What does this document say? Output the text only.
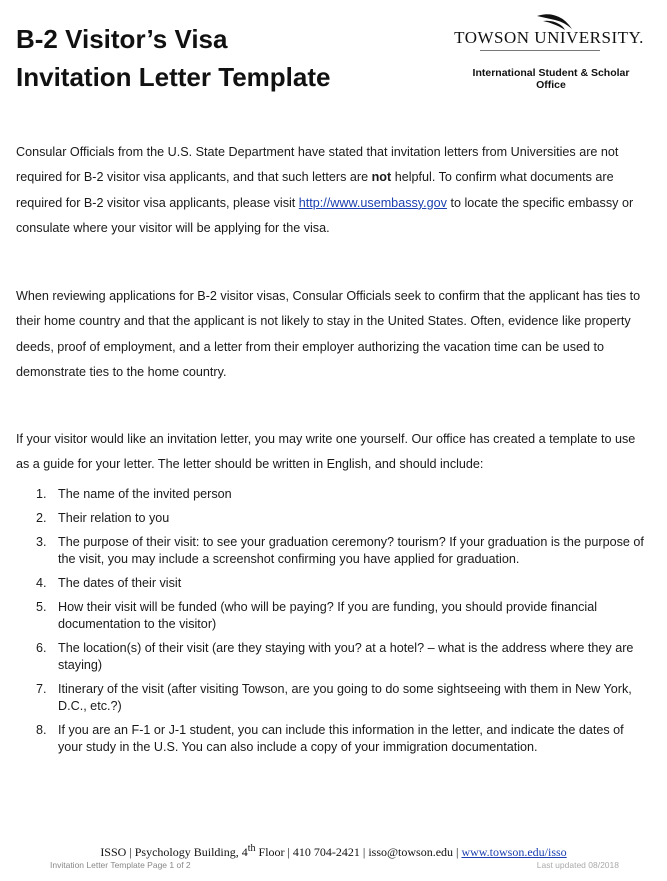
B-2 Visitor’s Visa
Invitation Letter Template
TOWSON UNIVERSITY.
International Student & Scholar Office

Consular Officials from the U.S. State Department have stated that invitation letters from Universities are not required for B-2 visitor visa applicants, and that such letters are not helpful. To confirm what documents are required for B-2 visitor visa applicants, please visit http://www.usembassy.gov to locate the specific embassy or consulate where your visitor will be applying for the visa.

When reviewing applications for B-2 visitor visas, Consular Officials seek to confirm that the applicant has ties to their home country and that the applicant is not likely to stay in the United States. Often, evidence like property deeds, proof of employment, and a letter from their employer authorizing the vacation time can be used to demonstrate ties to the home country.

If your visitor would like an invitation letter, you may write one yourself. Our office has created a template to use as a guide for your letter. The letter should be written in English, and should include:

1. The name of the invited person
2. Their relation to you
3. The purpose of their visit: to see your graduation ceremony? tourism? If your graduation is the purpose of the visit, you may include a screenshot confirming you have applied for graduation.
4. The dates of their visit
5. How their visit will be funded (who will be paying? If you are funding, you should provide financial documentation to the visitor)
6. The location(s) of their visit (are they staying with you? at a hotel? – what is the address where they are staying)
7. Itinerary of the visit (after visiting Towson, are you going to do some sightseeing with them in New York, D.C., etc.?)
8. If you are an F-1 or J-1 student, you can include this information in the letter, and indicate the dates of your study in the U.S. You can also include a copy of your immigration documentation.
ISSO | Psychology Building, 4th Floor | 410 704-2421 | isso@towson.edu | www.towson.edu/isso
Invitation Letter Template Page 1 of 2	Last updated 08/2018
